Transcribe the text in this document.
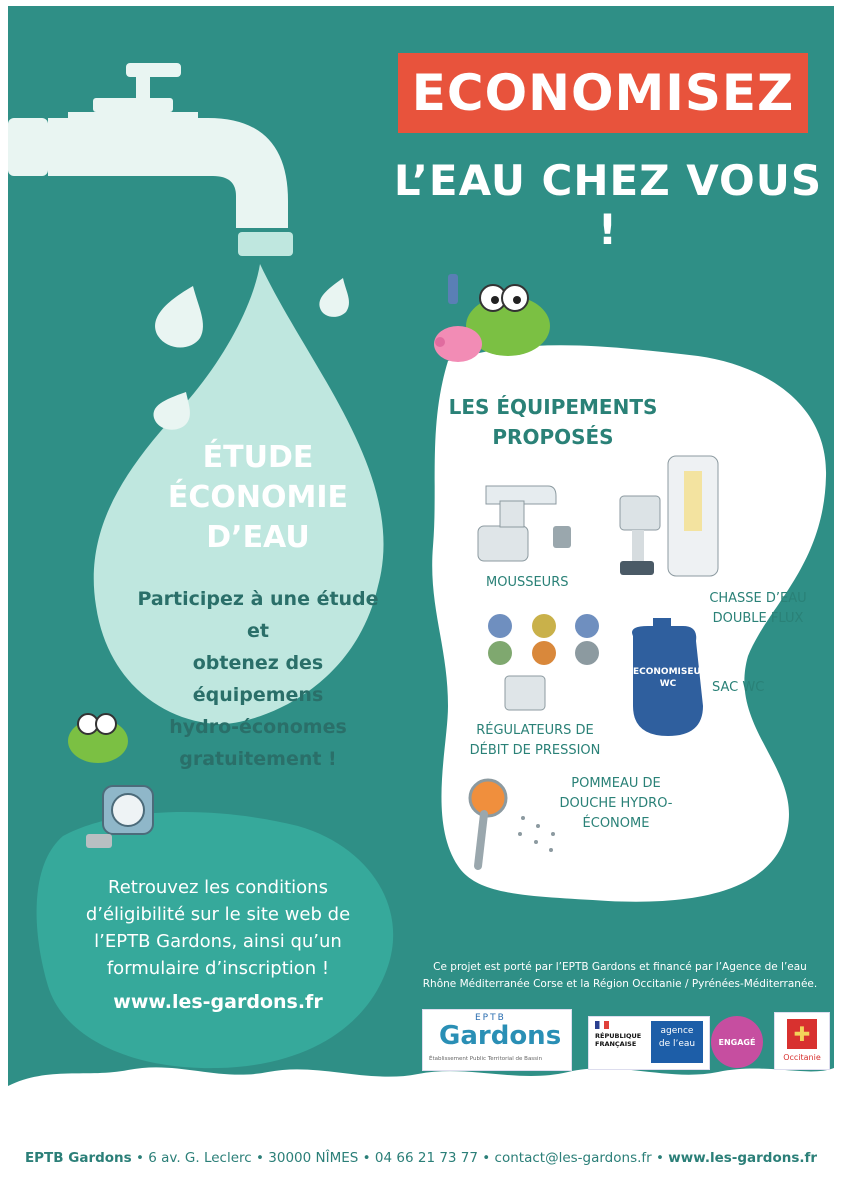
ECONOMISEZ
L’EAU CHEZ VOUS !
ÉTUDE
ÉCONOMIE
D’EAU
Participez à une étude et
obtenez des équipemens
hydro-économes
gratuitement !
LES ÉQUIPEMENTS
PROPOSÉS
MOUSSEURS
CHASSE D’EAU
DOUBLE FLUX
RÉGULATEURS DE
DÉBIT DE PRESSION
ECONOMISEUR
WC	SAC WC
POMMEAU DE
DOUCHE HYDRO-
ÉCONOME
Retrouvez les conditions
d’éligibilité sur le site web de
l’EPTB Gardons, ainsi qu’un
formulaire d’inscription !
www.les-gardons.fr
Ce projet est porté par l’EPTB Gardons et financé par l’Agence de l’eau
Rhône Méditerranée Corse et la Région Occitanie / Pyrénées-Méditerranée.
EPTB
Gardons
Établissement Public Territorial de Bassin
RÉPUBLIQUE
FRANÇAISE
agence
de l’eau	ENGAGÉ	✚
Occitanie
EPTB Gardons • 6 av. G. Leclerc • 30000 NÎMES • 04 66 21 73 77 • contact@les-gardons.fr • www.les-gardons.fr
